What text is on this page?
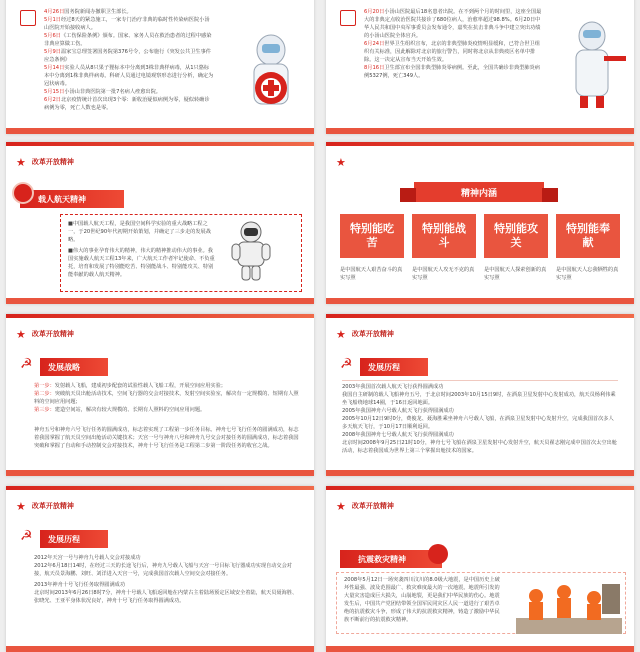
4月26日国务院新闻办撤职卫生部长。
5月1日经过8天的紧急施工，一家专门治疗非典的临时性传染病医院小汤山医院开始接收病人。
5月6日《工伤保险条例》颁布。国家、家务人员在救治患者的过程中感染非典应算做工伤。
5月9日温家宝总理签署国务院第376号令，公布施行《突发公共卫生事件应急条例》
5月14日实验人员从8只果子狸标本中分离到3株非典样病毒，从1只貉标本中分离到1株非典样病毒。科研人员通过电镜观察形态进行分析，确定为冠状病毒。
5月15日小汤山非典医院第一批7名病人痊愈出院。
6月2日北京疫情统计首次出现3个零：新收治疑似病例为零，疑似转确诊病例为零，死亡人数也是零。
6月20日小汤山医院最后18名患者出院。在不到两个月的时间里，这座全国最大的非典定点收治医院共接诊了680位病人，治愈率超过98.8%。6月20日中华人民共和国中央军事委员会发布通令，嘉奖在抗击非典斗争中建立突出功绩的小汤山医院全体官兵。
6月24日世界卫生组织宣布，北京的非典型肺炎疫情明显缓和，已符合世卫组织有关标准，因此解除对北京的旅行警告，同时将北京从非典疫区名单中排除。这一决定从宣布当天开始生效。
8月16日卫生部宣布全国非典型肺炎零病例。至此，全国共确诊非典型肺炎病例5327例，死亡349人。
★ 改革开放精神
载人航天精神
■中国载人航天工程，是我国空间科学实验的重大战略工程之一，于20世纪90年代初期开始策划，并确定了三步走的发展战略。
■伟大的事业孕育伟大的精神，伟大的精神推动伟大的事业。我国实施载人航天工程13年来，广大航天工作者牢记使命、不负重托，培育和发展了特别能吃苦、特别能战斗、特别能攻关、特别能奉献的载人航天精神。
★
精神内涵
特别能吃苦
特别能战斗
特别能攻关
特别能奉献
是中国航天人艰苦奋斗的真实写照
是中国航天人攻无不克的真实写照
是中国航天人探索创新的真实写照
是中国航天人忘我牺牲的真实写照
★ 改革开放精神
☭ 发展战略
第一步：发射载人飞船，建成初步配套的试验性载人飞船工程，开展空间应用实验；
第二步：突破航天员出舱活动技术，空间飞行器的交会对接技术，发射空间实验室，解决有一定规模的、短期有人照料的空间应用问题；
第三步：建造空间站，解决有较大规模的、长期有人照料的空间应用问题。
神舟五号和神舟六号飞行任务的圆满成功，标志着实现了工程第一步任务目标。神舟七号飞行任务的圆满成功，标志着我国掌握了航天员空间出舱活动关键技术；天宫一号与神舟八号和神舟九号交会对接任务的圆满成功，标志着我国突破和掌握了自动和手动控制交会对接技术，神舟十号飞行任务是工程第二步第一阶段任务的收官之战。
★ 改革开放精神
☭ 发展历程
2003年我国首次载人航天飞行获得圆满成功
我国自主研制的载人飞船神舟五号，于北京时间2003年10月15日9时，在酒泉卫星发射中心发射成功，航天员杨利伟乘坐飞船绕地球14圈，于16日返回地面。
2005年我国神舟六号载人航天飞行获得圆满成功
2005年10月12日9时0分，费俊龙、聂海胜乘坐神舟六号载人飞船，在酒泉卫星发射中心发射升空，完成我国首次多人多天航天飞行，于10月17日顺利返回。
2008年我国神舟七号载人航天飞行获得圆满成功
北京时间2008年9月25日21时10分，神舟七号飞船在酒泉卫星发射中心发射升空，航天员翟志刚完成中国首次太空出舱活动，标志着我国成为世界上第三个掌握出舱技术的国家。
★ 改革开放精神
☭ 发展历程
2012年天宫一号与神舟九号载人交会对接成功
2012年6月18日14时，在经过三天的长途飞行后，神舟九号载人飞船与天宫一号目标飞行器成功实现自动交会对接，航天员景海鹏、刘旺、刘洋进入天宫一号，完成我国首次载人空间交会对接任务。
2013年神舟十号飞行任务取得圆满成功
北京时间2013年6月26日8时7分，神舟十号载人飞船返回舱在内蒙古主着陆场预定区域安全着陆，航天员聂海胜、张晓光、王亚平身体状况良好，神舟十号飞行任务取得圆满成功。
★ 改革开放精神
抗震救灾精神
2008年5月12日一场突袭四川汶川的8.0级大地震，是中国历史上破坏性最强、波及范围最广、救灾难度最大的一次地震。地震所引发的大量灾害造成巨大损失，山崩地裂，更是我们中华民族的伤心。地震发生后，中国共产党团结带领全国军民同灾区人民一道进行了艰苦卓绝的抗震救灾斗争，形成了伟大的抗震救灾精神，铸造了激励中华民族不断前行的抗震救灾精神。
